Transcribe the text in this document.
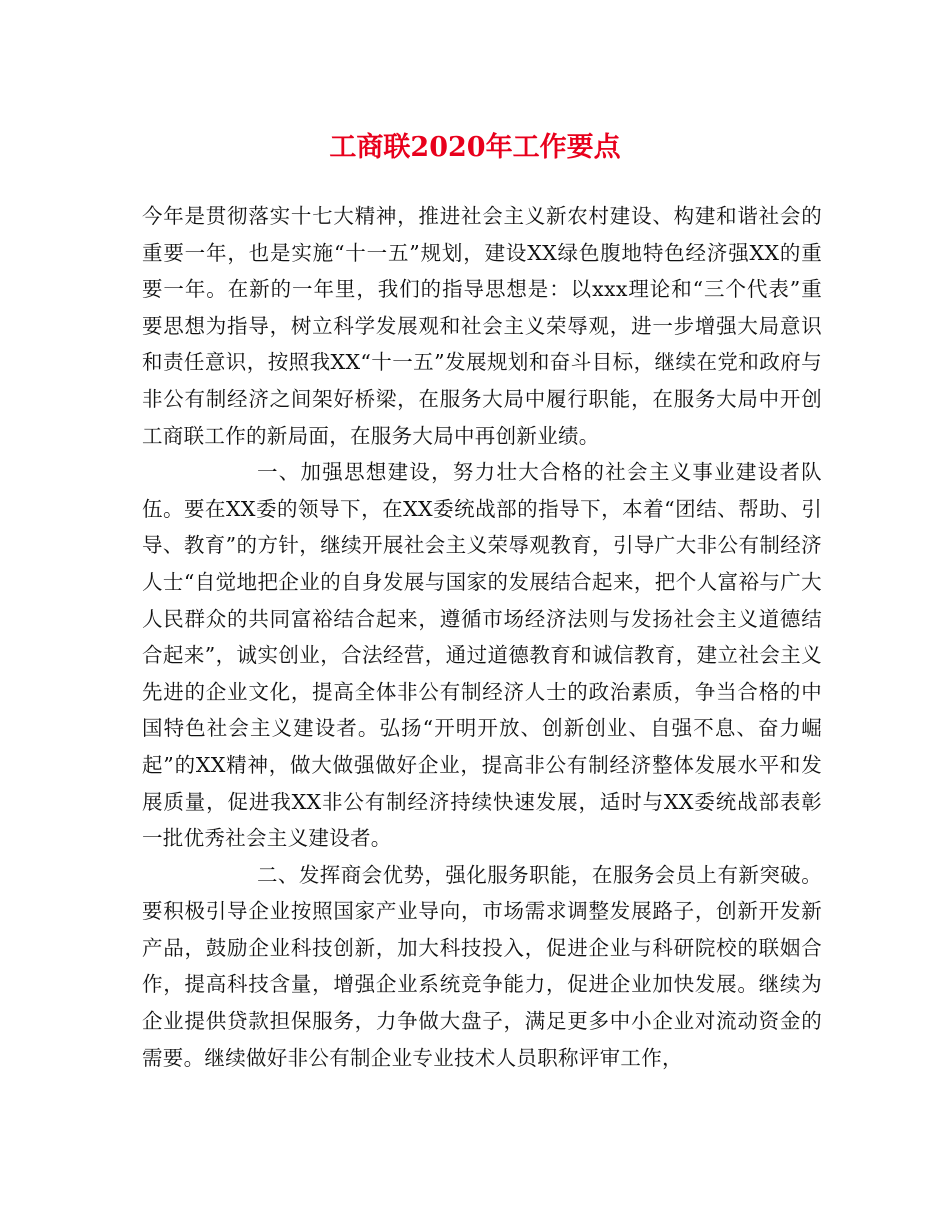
工商联2020年工作要点

今年是贯彻落实十七大精神，推进社会主义新农村建设、构建和谐社会的重要一年，也是实施“十一五”规划，建设XX绿色腹地特色经济强XX的重要一年。在新的一年里，我们的指导思想是：以xxx理论和“三个代表”重要思想为指导，树立科学发展观和社会主义荣辱观，进一步增强大局意识和责任意识，按照我XX“十一五”发展规划和奋斗目标，继续在党和政府与非公有制经济之间架好桥梁，在服务大局中履行职能，在服务大局中开创工商联工作的新局面，在服务大局中再创新业绩。

一、加强思想建设，努力壮大合格的社会主义事业建设者队伍。要在XX委的领导下，在XX委统战部的指导下，本着“团结、帮助、引导、教育”的方针，继续开展社会主义荣辱观教育，引导广大非公有制经济人士“自觉地把企业的自身发展与国家的发展结合起来，把个人富裕与广大人民群众的共同富裕结合起来，遵循市场经济法则与发扬社会主义道德结合起来”，诚实创业，合法经营，通过道德教育和诚信教育，建立社会主义先进的企业文化，提高全体非公有制经济人士的政治素质，争当合格的中国特色社会主义建设者。弘扬“开明开放、创新创业、自强不息、奋力崛起”的XX精神，做大做强做好企业，提高非公有制经济整体发展水平和发展质量，促进我XX非公有制经济持续快速发展，适时与XX委统战部表彰一批优秀社会主义建设者。

二、发挥商会优势，强化服务职能，在服务会员上有新突破。要积极引导企业按照国家产业导向，市场需求调整发展路子，创新开发新产品，鼓励企业科技创新，加大科技投入，促进企业与科研院校的联姻合作，提高科技含量，增强企业系统竞争能力，促进企业加快发展。继续为企业提供贷款担保服务，力争做大盘子，满足更多中小企业对流动资金的需要。继续做好非公有制企业专业技术人员职称评审工作，
